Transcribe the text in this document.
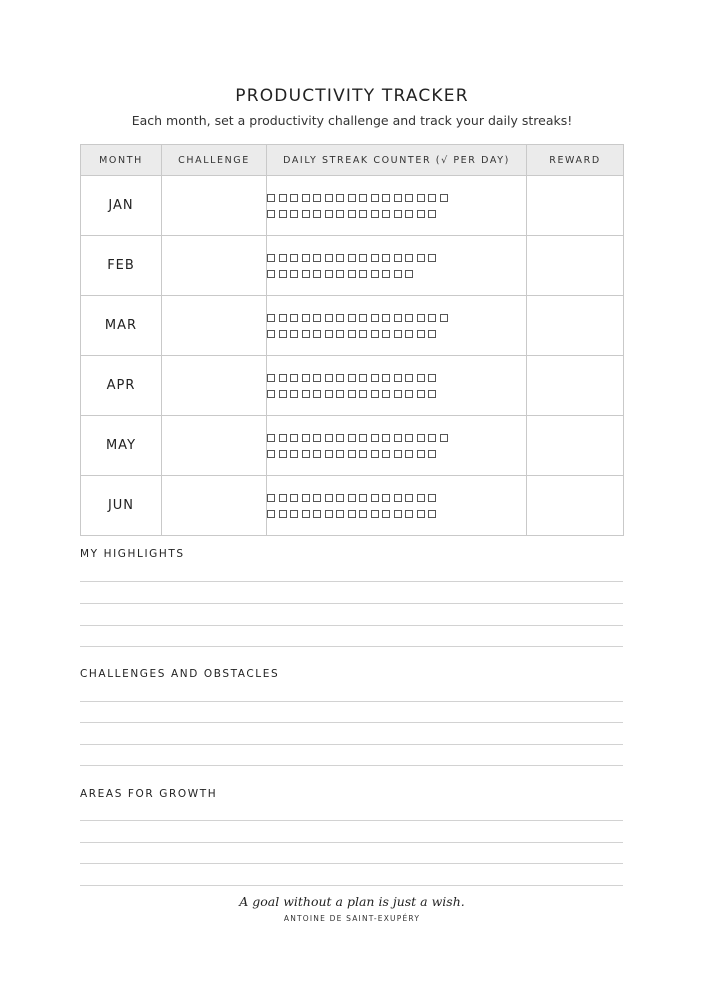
PRODUCTIVITY TRACKER
Each month, set a productivity challenge and track your daily streaks!
MONTH	CHALLENGE	DAILY STREAK COUNTER (√ PER DAY)	REWARD
JAN		

FEB		

MAR		

APR		

MAY		

JUN		

MY HIGHLIGHTS
CHALLENGES AND OBSTACLES
AREAS FOR GROWTH
A goal without a plan is just a wish.
ANTOINE DE SAINT-EXUPÉRY
